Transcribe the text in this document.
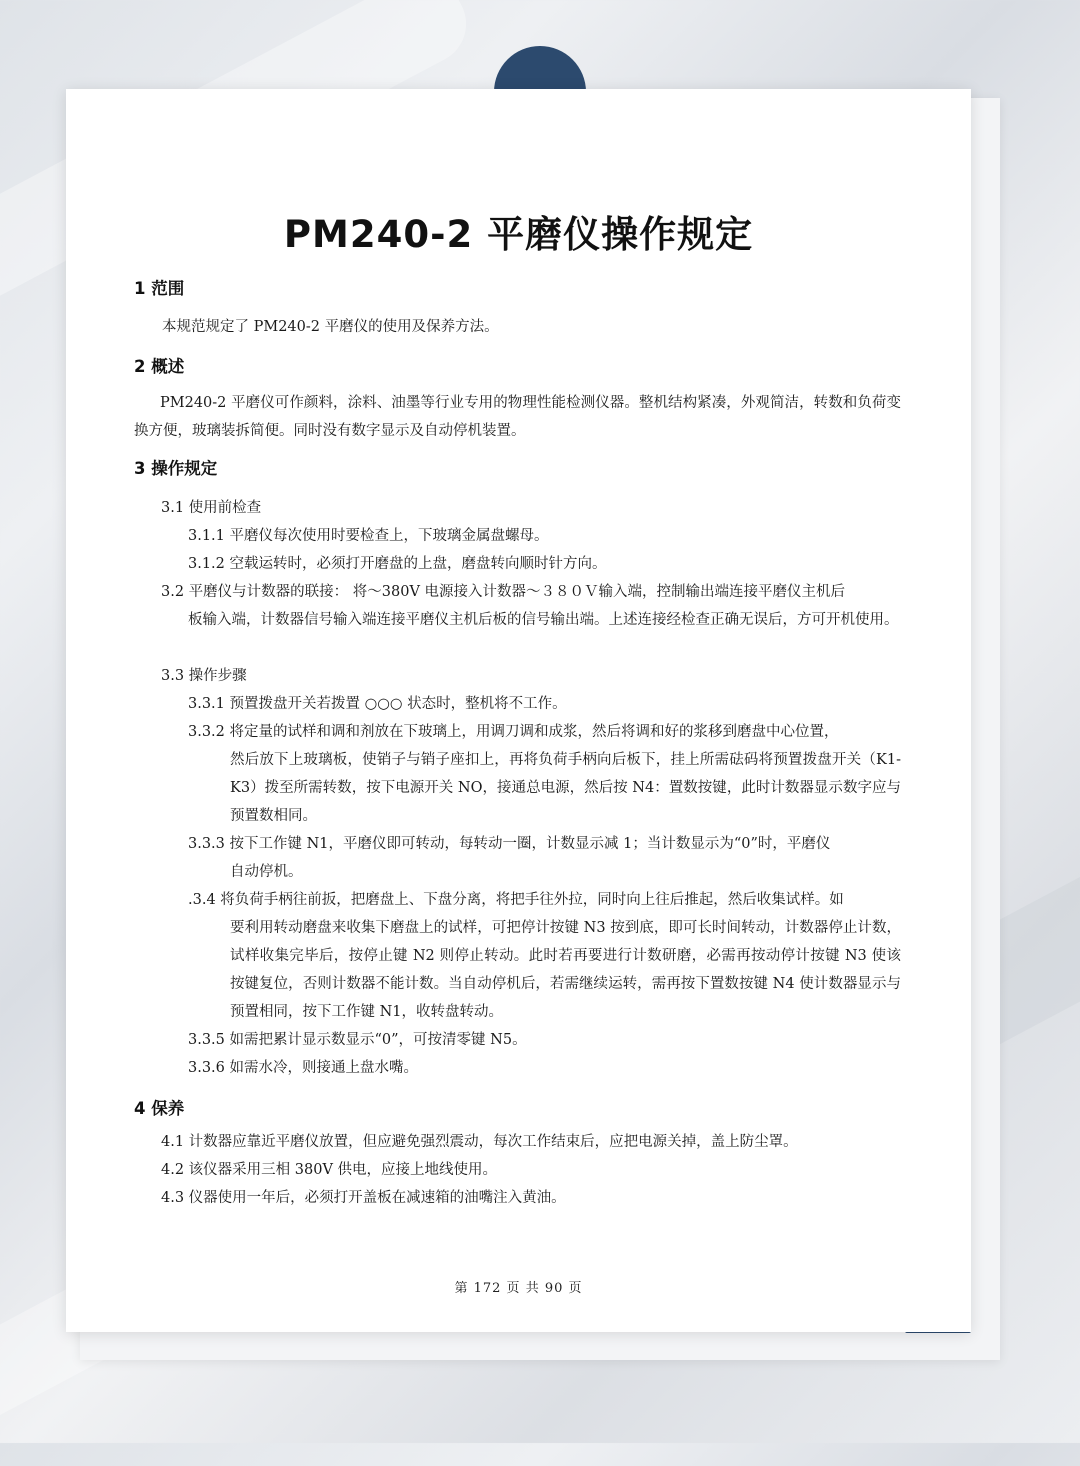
PM240-2 平磨仪操作规定
1 范围
本规范规定了 PM240-2 平磨仪的使用及保养方法。
2 概述

PM240-2 平磨仪可作颜料，涂料、油墨等行业专用的物理性能检测仪器。整机结构紧凑，外观简洁，转数和负荷变换方便，玻璃装拆简便。同时没有数字显示及自动停机装置。

3 操作规定
3.1 使用前检查
3.1.1 平磨仪每次使用时要检查上，下玻璃金属盘螺母。
3.1.2 空载运转时，必须打开磨盘的上盘，磨盘转向顺时针方向。
3.2 平磨仪与计数器的联接： 将～380V 电源接入计数器～３８０Ｖ输入端，控制输出端连接平磨仪主机后

板输入端，计数器信号输入端连接平磨仪主机后板的信号输出端。上述连接经检查正确无误后，方可开机使用。

3.3 操作步骤
3.3.1 预置拨盘开关若拨置 ○○○ 状态时，整机将不工作。
3.3.2 将定量的试样和调和剂放在下玻璃上，用调刀调和成浆，然后将调和好的浆移到磨盘中心位置，

然后放下上玻璃板，使销子与销子座扣上，再将负荷手柄向后板下，挂上所需砝码将预置拨盘开关（K1-K3）拨至所需转数，按下电源开关 NO，接通总电源，然后按 N4：置数按键，此时计数器显示数字应与预置数相同。

3.3.3 按下工作键 N1，平磨仪即可转动，每转动一圈，计数显示减 1；当计数显示为“0”时，平磨仪

自动停机。

.3.4 将负荷手柄往前扳，把磨盘上、下盘分离，将把手往外拉，同时向上往后推起，然后收集试样。如

要利用转动磨盘来收集下磨盘上的试样，可把停计按键 N3 按到底，即可长时间转动，计数器停止计数，试样收集完毕后，按停止键 N2 则停止转动。此时若再要进行计数研磨，必需再按动停计按键 N3 使该按键复位，否则计数器不能计数。当自动停机后，若需继续运转，需再按下置数按键 N4 使计数器显示与预置相同，按下工作键 N1，收转盘转动。

3.3.5 如需把累计显示数显示“0”，可按清零键 N5。
3.3.6 如需水冷，则接通上盘水嘴。
4 保养
4.1 计数器应靠近平磨仪放置，但应避免强烈震动，每次工作结束后，应把电源关掉，盖上防尘罩。
4.2 该仪器采用三相 380V 供电，应接上地线使用。
4.3 仪器使用一年后，必须打开盖板在减速箱的油嘴注入黄油。
第 172 页 共 90 页
